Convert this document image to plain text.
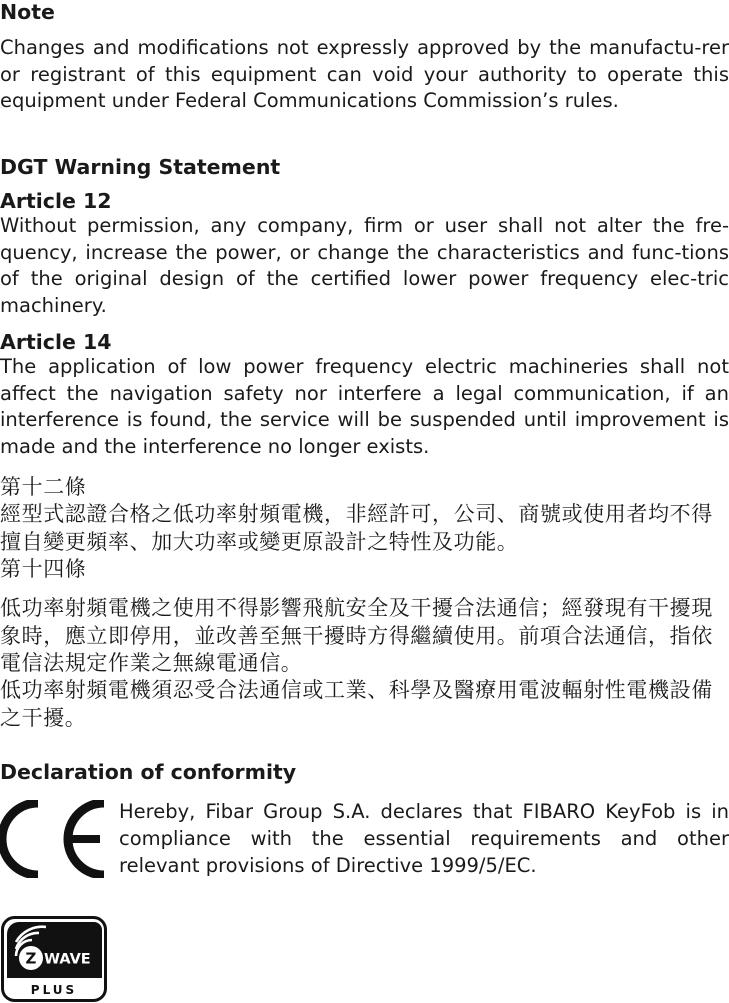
Note

Changes and modifications not expressly approved by the manufactu-rer or registrant of this equipment can void your authority to operate this equipment under Federal Communications Commission’s rules.

DGT Warning Statement
Article 12

Without permission, any company, firm or user shall not alter the fre-quency, increase the power, or change the characteristics and func-tions of the original design of the certified lower power frequency elec-tric machinery.

Article 14

The application of low power frequency electric machineries shall not affect the navigation safety nor interfere a legal communication, if an interference is found, the service will be suspended until improvement is made and the interference no longer exists.

第十二條
經型式認證合格之低功率射頻電機，非經許可，公司、商號或使用者均不得擅自變更頻率、加大功率或變更原設計之特性及功能。
第十四條
低功率射頻電機之使用不得影響飛航安全及干擾合法通信；經發現有干擾現象時，應立即停用，並改善至無干擾時方得繼續使用。前項合法通信，指依電信法規定作業之無線電通信。
低功率射頻電機須忍受合法通信或工業、科學及醫療用電波輻射性電機設備之干擾。
Declaration of conformity

Hereby, Fibar Group S.A. declares that FIBARO KeyFob is in compliance with the essential requirements and other relevant provisions of Directive 1999/5/EC.

Z WAVE
PLUS
